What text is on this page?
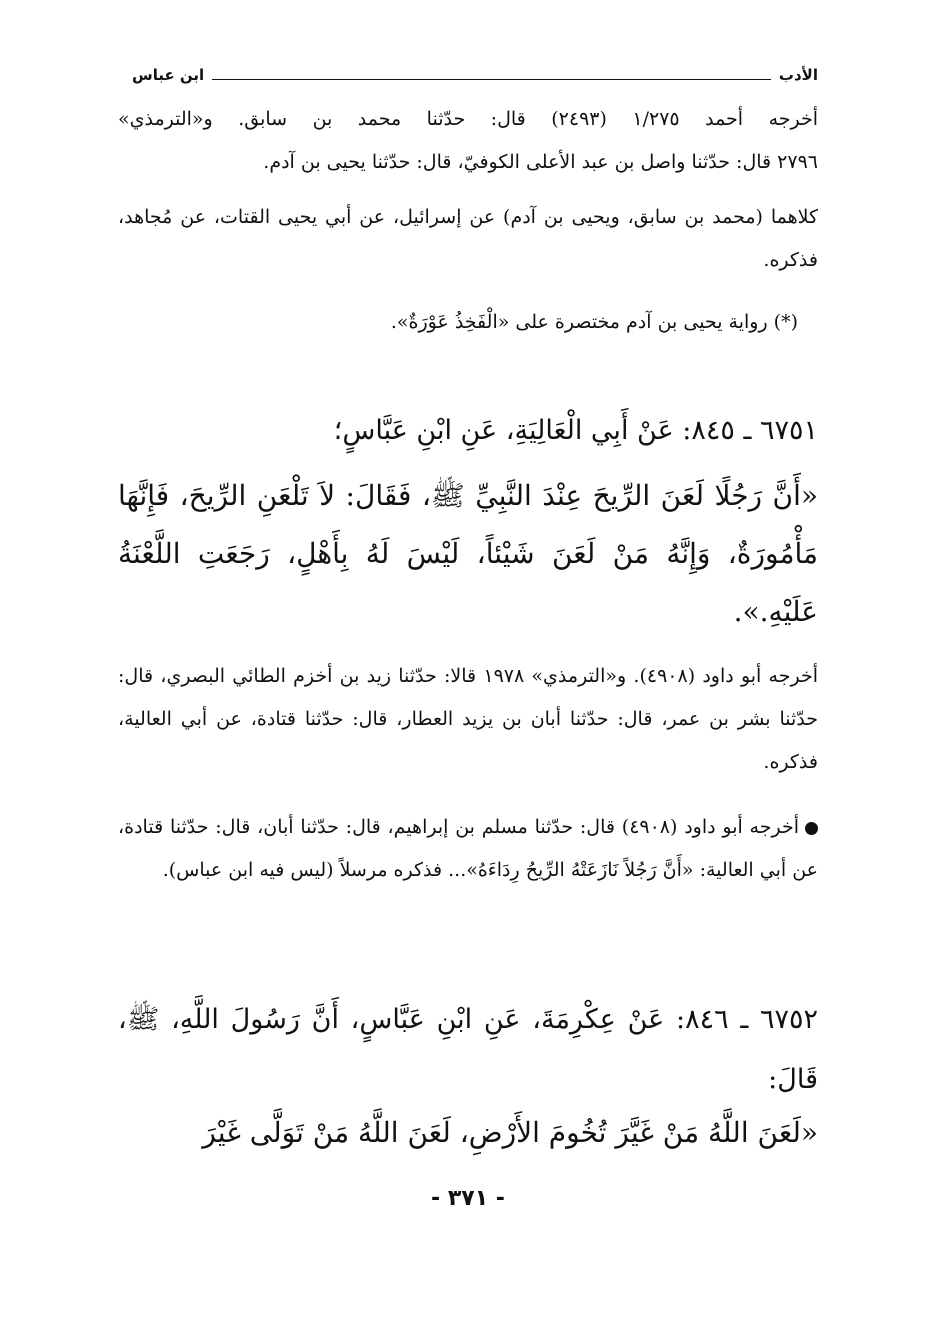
الأدب
ابن عباس

أخرجه أحمد ١/٢٧٥ (٢٤٩٣) قال: حدّثنا محمد بن سابق. و«الترمذي»

٢٧٩٦ قال: حدّثنا واصل بن عبد الأعلى الكوفيّ، قال: حدّثنا يحيى بن آدم.

كلاهما (محمد بن سابق، ويحيى بن آدم) عن إسرائيل، عن أبي يحيى القتات، عن مُجاهد، فذكره.

(*) رواية يحيى بن آدم مختصرة على «الْفَخِذُ عَوْرَةٌ».

٦٧٥١ ـ ٨٤٥: عَنْ أَبِي الْعَالِيَةِ، عَنِ ابْنِ عَبَّاسٍ؛

«أَنَّ رَجُلًا لَعَنَ الرِّيحَ عِنْدَ النَّبِيِّ ﷺ، فَقَالَ: لاَ تَلْعَنِ الرِّيحَ، فَإِنَّهَا مَأْمُورَةٌ، وَإِنَّهُ مَنْ لَعَنَ شَيْئاً، لَيْسَ لَهُ بِأَهْلٍ، رَجَعَتِ اللَّعْنَةُ عَلَيْهِ.».

أخرجه أبو داود (٤٩٠٨). و«الترمذي» ١٩٧٨ قالا: حدّثنا زيد بن أخزم الطائي البصري، قال: حدّثنا بشر بن عمر، قال: حدّثنا أبان بن يزيد العطار، قال: حدّثنا قتادة، عن أبي العالية، فذكره.

أخرجه أبو داود (٤٩٠٨) قال: حدّثنا مسلم بن إبراهيم، قال: حدّثنا أبان، قال: حدّثنا قتادة، عن أبي العالية: «أَنَّ رَجُلاً نَازَعَتْهُ الرِّيحُ رِدَاءَهُ»... فذكره مرسلاً (ليس فيه ابن عباس).

٦٧٥٢ ـ ٨٤٦: عَنْ عِكْرِمَةَ، عَنِ ابْنِ عَبَّاسٍ، أَنَّ رَسُولَ اللَّهِ، ﷺ، قَالَ:

«لَعَنَ اللَّهُ مَنْ غَيَّرَ تُخُومَ الأَرْضِ، لَعَنَ اللَّهُ مَنْ تَوَلَّى غَيْرَ

- ٣٧١ -
